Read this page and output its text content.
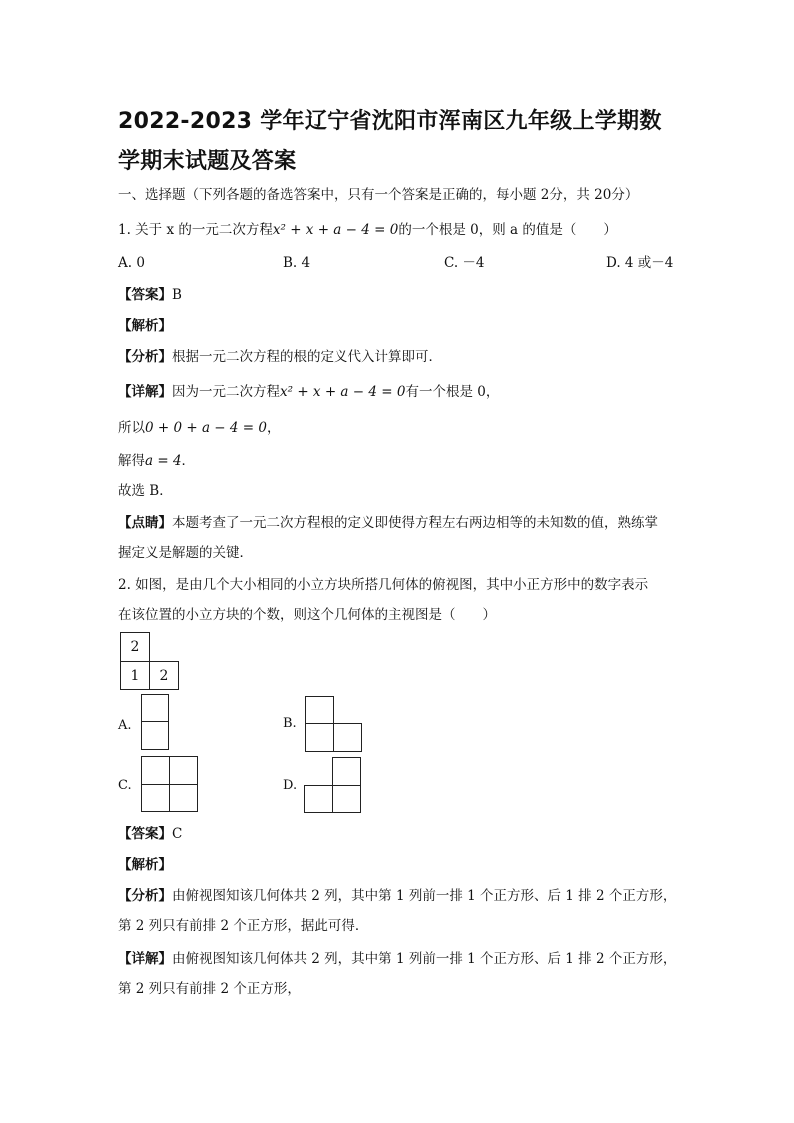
2022-2023 学年辽宁省沈阳市浑南区九年级上学期数学期末试题及答案
一、选择题（下列各题的备选答案中，只有一个答案是正确的，每小题 2分，共 20分）
1. 关于 x 的一元二次方程x² + x + a − 4 = 0的一个根是 0，则 a 的值是（　　）
A. 0	B. 4	C. －4	D. 4 或－4
【答案】B
【解析】
【分析】根据一元二次方程的根的定义代入计算即可．
【详解】因为一元二次方程x² + x + a − 4 = 0有一个根是 0，
所以0 + 0 + a − 4 = 0，
解得a = 4．
故选 B．
【点睛】本题考查了一元二次方程根的定义即使得方程左右两边相等的未知数的值，熟练掌
握定义是解题的关键．
2. 如图，是由几个大小相同的小立方块所搭几何体的俯视图，其中小正方形中的数字表示
在该位置的小立方块的个数，则这个几何体的主视图是（　　）
2
1	2
A.	B.
C.	D.
【答案】C
【解析】
【分析】由俯视图知该几何体共 2 列，其中第 1 列前一排 1 个正方形、后 1 排 2 个正方形，
第 2 列只有前排 2 个正方形，据此可得．
【详解】由俯视图知该几何体共 2 列，其中第 1 列前一排 1 个正方形、后 1 排 2 个正方形，
第 2 列只有前排 2 个正方形，
